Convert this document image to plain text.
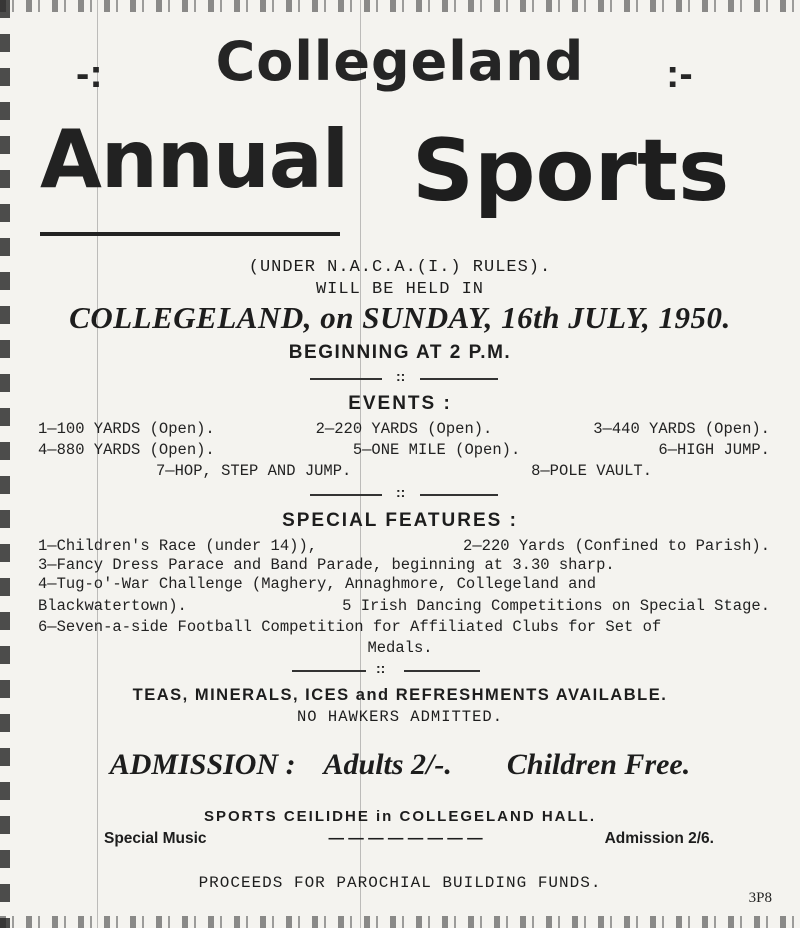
-:	Collegeland	:-
Annual Sports
(UNDER N.A.C.A.(I.) RULES).
WILL BE HELD IN
COLLEGELAND, on SUNDAY, 16th JULY, 1950.
BEGINNING AT 2 P.M.
::
EVENTS :
1—100 YARDS (Open).	2—220 YARDS (Open).	3—440 YARDS (Open).
4—880 YARDS (Open).	5—ONE MILE (Open).	6—HIGH JUMP.
7—HOP, STEP AND JUMP.	8—POLE VAULT.
::
SPECIAL FEATURES :
1—Children's Race (under 14)),	2—220 Yards (Confined to Parish).
3—Fancy Dress Parace and Band Parade, beginning at 3.30 sharp.
4—Tug-o'-War Chal​lenge (Maghery, Annaghmore, Collegeland and
Blackwatertown).	5 Irish Dancing Competitions on Special Stage.
6—Seven-a-side Football Competition for Affiliated Clubs for Set of
Medals.
::
TEAS, MINERALS, ICES and REFRESHMENTS AVAILABLE.
NO HAWKERS ADMITTED.
ADMISSION : Adults 2/-. Children Free.
SPORTS CEILIDHE in COLLEGELAND HALL.
Special Music	— — — — — — — —	Admission 2/6.
PROCEEDS FOR PAROCHIAL BUILDING FUNDS.
3P8
